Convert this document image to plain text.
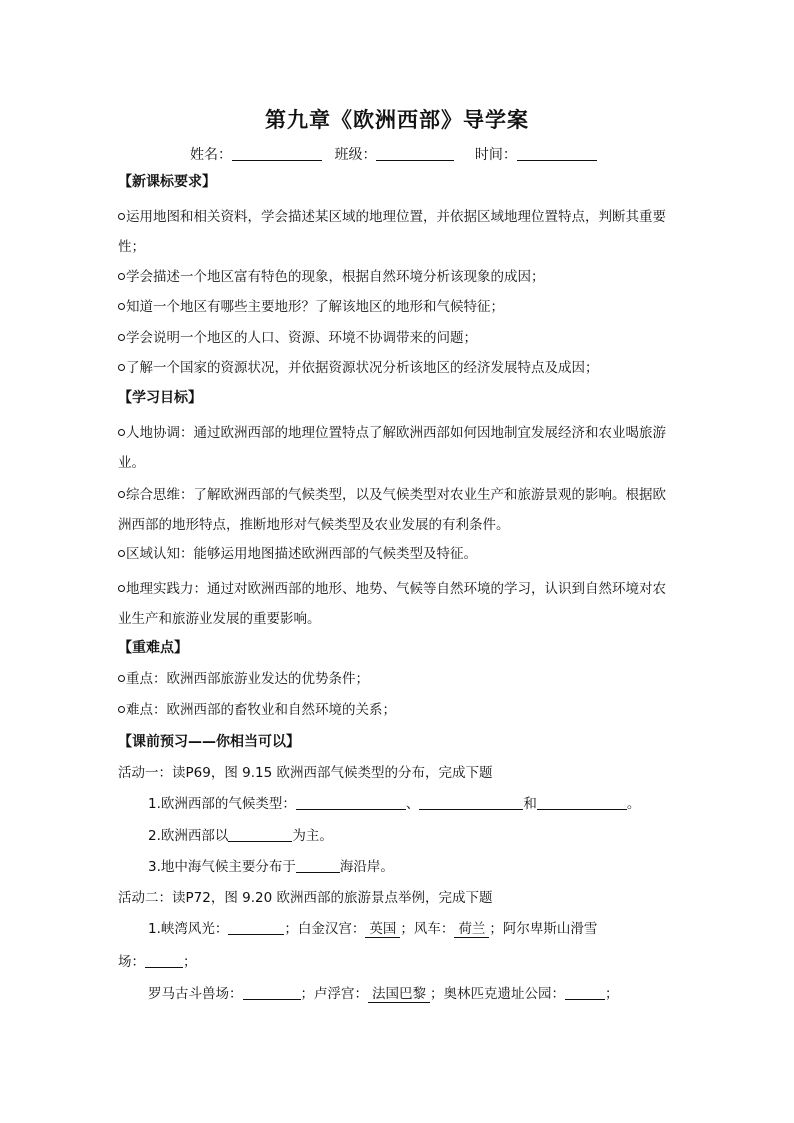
第九章《欧洲西部》导学案
姓名：	班级：	时间：
【新课标要求】
运用地图和相关资料，学会描述某区域的地理位置，并依据区域地理位置特点，判断其重要性；
学会描述一个地区富有特色的现象，根据自然环境分析该现象的成因；
知道一个地区有哪些主要地形？了解该地区的地形和气候特征；
学会说明一个地区的人口、资源、环境不协调带来的问题；
了解一个国家的资源状况，并依据资源状况分析该地区的经济发展特点及成因；
【学习目标】
人地协调：通过欧洲西部的地理位置特点了解欧洲西部如何因地制宜发展经济和农业喝旅游业。
综合思维：了解欧洲西部的气候类型，以及气候类型对农业生产和旅游景观的影响。根据欧洲西部的地形特点，推断地形对气候类型及农业发展的有利条件。
区域认知：能够运用地图描述欧洲西部的气候类型及特征。
地理实践力：通过对欧洲西部的地形、地势、气候等自然环境的学习，认识到自然环境对农业生产和旅游业发展的重要影响。
【重难点】
重点：欧洲西部旅游业发达的优势条件；
难点：欧洲西部的畜牧业和自然环境的关系；
【课前预习——你相当可以】
活动一：读P69，图 9.15 欧洲西部气候类型的分布，完成下题
1.欧洲西部的气候类型：	、	和	。
2.欧洲西部以	为主。
3.地中海气候主要分布于	海沿岸。
活动二：读P72，图 9.20 欧洲西部的旅游景点举例，完成下题
1.峡湾风光：	；白金汉宫： 英国 ；风车： 荷兰 ；阿尔卑斯山滑雪
场：	；
罗马古斗兽场：	；卢浮宫： 法国巴黎 ；奥林匹克遗址公园：	；
